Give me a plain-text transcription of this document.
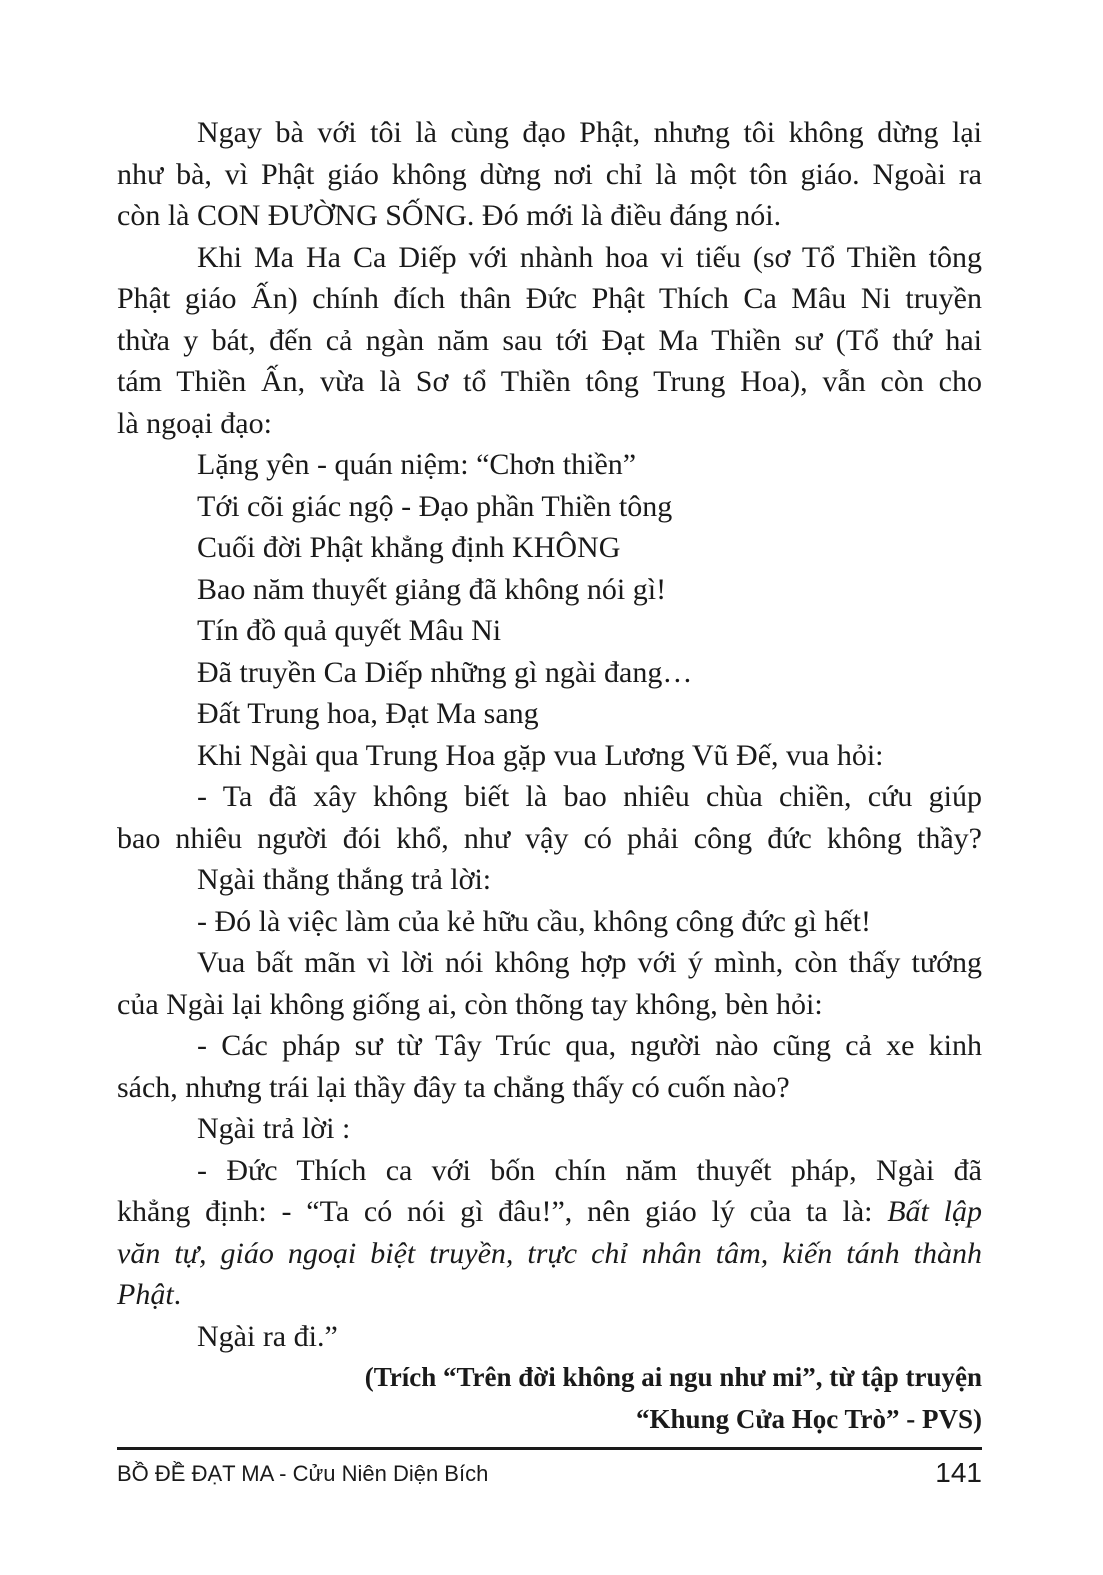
Ngay bà với tôi là cùng đạo Phật, nhưng tôi không dừng lại
như bà, vì Phật giáo không dừng nơi chỉ là một tôn giáo. Ngoài ra
còn là CON ĐƯỜNG SỐNG. Đó mới là điều đáng nói.
Khi Ma Ha Ca Diếp với nhành hoa vi tiếu (sơ Tổ Thiền tông
Phật giáo Ấn) chính đích thân Đức Phật Thích Ca Mâu Ni truyền
thừa y bát, đến cả ngàn năm sau tới Đạt Ma Thiền sư (Tổ thứ hai
tám Thiền Ấn, vừa là Sơ tổ Thiền tông Trung Hoa), vẫn còn cho
là ngoại đạo:
Lặng yên - quán niệm: “Chơn thiền”
Tới cõi giác ngộ - Đạo phần Thiền tông
Cuối đời Phật khẳng định KHÔNG
Bao năm thuyết giảng đã không nói gì!
Tín đồ quả quyết Mâu Ni
Đã truyền Ca Diếp những gì ngài đang…
Đất Trung hoa, Đạt Ma sang
Khi Ngài qua Trung Hoa gặp vua Lương Vũ Đế, vua hỏi:
- Ta đã xây không biết là bao nhiêu chùa chiền, cứu giúp
bao nhiêu người đói khổ, như vậy có phải công đức không thầy?
Ngài thẳng thắng trả lời:
- Đó là việc làm của kẻ hữu cầu, không công đức gì hết!
Vua bất mãn vì lời nói không hợp với ý mình, còn thấy tướng
của Ngài lại không giống ai, còn thõng tay không, bèn hỏi:
- Các pháp sư từ Tây Trúc qua, người nào cũng cả xe kinh
sách, nhưng trái lại thầy đây ta chẳng thấy có cuốn nào?
Ngài trả lời :
- Đức Thích ca với bốn chín năm thuyết pháp, Ngài đã
khẳng định: - “Ta có nói gì đâu!”, nên giáo lý của ta là: Bất lập
văn tự, giáo ngoại biệt truyền, trực chỉ nhân tâm, kiến tánh thành
Phật.
Ngài ra đi.”
(Trích “Trên đời không ai ngu như mi”, từ tập truyện
“Khung Cửa Học Trò” - PVS)
BỒ ĐỀ ĐẠT MA - Cửu Niên Diện Bích	141
